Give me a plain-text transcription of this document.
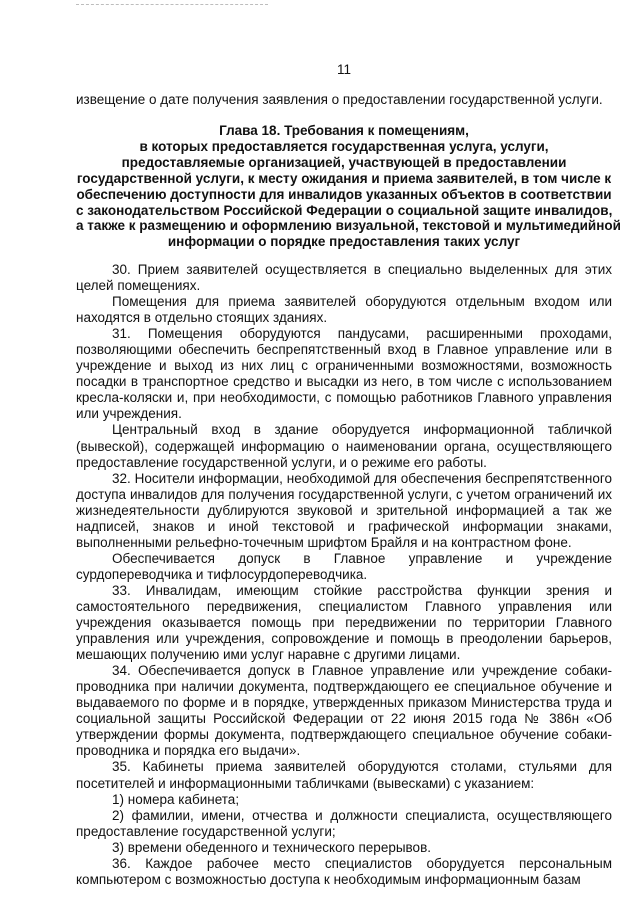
11
извещение о дате получения заявления о предоставлении государственной услуги.
Глава 18. Требования к помещениям,
в которых предоставляется государственная услуга, услуги,
предоставляемые организацией, участвующей в предоставлении
государственной услуги, к месту ожидания и приема заявителей, в том числе к
обеспечению доступности для инвалидов указанных объектов в соответствии
с законодательством Российской Федерации о социальной защите инвалидов,
а также к размещению и оформлению визуальной, текстовой и мультимедийной
информации о порядке предоставления таких услуг

30. Прием заявителей осуществляется в специально выделенных для этих целей помещениях.

Помещения для приема заявителей оборудуются отдельным входом или находятся в отдельно стоящих зданиях.

31. Помещения оборудуются пандусами, расширенными проходами, позволяющими обеспечить беспрепятственный вход в Главное управление или в учреждение и выход из них лиц с ограниченными возможностями, возможность посадки в транспортное средство и высадки из него, в том числе с использованием кресла-коляски и, при необходимости, с помощью работников Главного управления или учреждения.

Центральный вход в здание оборудуется информационной табличкой (вывеской), содержащей информацию о наименовании органа, осуществляющего предоставление государственной услуги, и о режиме его работы.

32. Носители информации, необходимой для обеспечения беспрепятственного доступа инвалидов для получения государственной услуги, с учетом ограничений их жизнедеятельности дублируются звуковой и зрительной информацией а так же надписей, знаков и иной текстовой и графической информации знаками, выполненными рельефно-точечным шрифтом Брайля и на контрастном фоне.

Обеспечивается допуск в Главное управление и учреждение сурдопереводчика и тифлосурдопереводчика.

33. Инвалидам, имеющим стойкие расстройства функции зрения и самостоятельного передвижения, специалистом Главного управления или учреждения оказывается помощь при передвижении по территории Главного управления или учреждения, сопровождение и помощь в преодолении барьеров, мешающих получению ими услуг наравне с другими лицами.

34. Обеспечивается допуск в Главное управление или учреждение собаки-проводника при наличии документа, подтверждающего ее специальное обучение и выдаваемого по форме и в порядке, утвержденных приказом Министерства труда и социальной защиты Российской Федерации от 22 июня 2015 года № 386н «Об утверждении формы документа, подтверждающего специальное обучение собаки-проводника и порядка его выдачи».

35. Кабинеты приема заявителей оборудуются столами, стульями для посетителей и информационными табличками (вывесками) с указанием:

1) номера кабинета;

2) фамилии, имени, отчества и должности специалиста, осуществляющего предоставление государственной услуги;

3) времени обеденного и технического перерывов.

36. Каждое рабочее место специалистов оборудуется персональным компьютером с возможностью доступа к необходимым информационным базам
